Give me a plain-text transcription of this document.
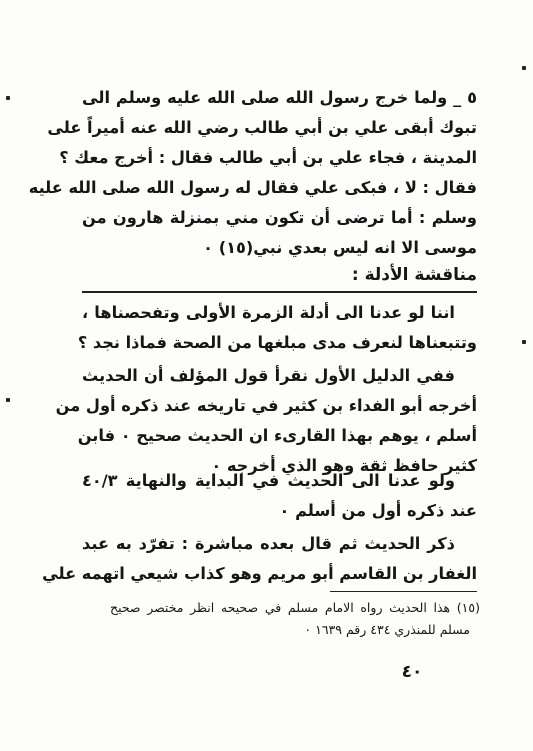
٥ _ ولما خرج رسول الله صلى الله عليه وسلم الى
تبوك أبقى علي بن أبي طالب رضي الله عنه أميراً على
المدينة ، فجاء علي بن أبي طالب فقال : أخرج معك ؟
فقال : لا ، فبكى علي فقال له رسول الله صلى الله عليه
وسلم : أما ترضى أن تكون مني بمنزلة هارون من
موسى الا انه ليس بعدي نبي(١٥) ٠
مناقشة الأدلة :
اننا لو عدنا الى أدلة الزمرة الأولى وتفحصناها ،
وتتبعناها لنعرف مدى مبلغها من الصحة فماذا نجد ؟
ففي الدليل الأول نقرأ قول المؤلف أن الحديث
أخرجه أبو الفداء بن كثير في تاريخه عند ذكره أول من
أسلم ، يوهم بهذا القارىء ان الحديث صحيح ٠ فابن
كثير حافظ ثقة وهو الذي أخرجه ٠
ولو عدنا الى الحديث في البداية والنهاية ٤٠/٣
عند ذكره أول من أسلم ٠
ذكر الحديث ثم قال بعده مباشرة : تفرّد به عبد
الغفار بن القاسم أبو مريم وهو كذاب شيعي اتهمه علي
(١٥) هذا الحديث رواه الامام مسلم في صحيحه انظر مختصر صحيح
مسلم للمنذري ٤٣٤ رقم ١٦٣٩ ٠
٤٠
